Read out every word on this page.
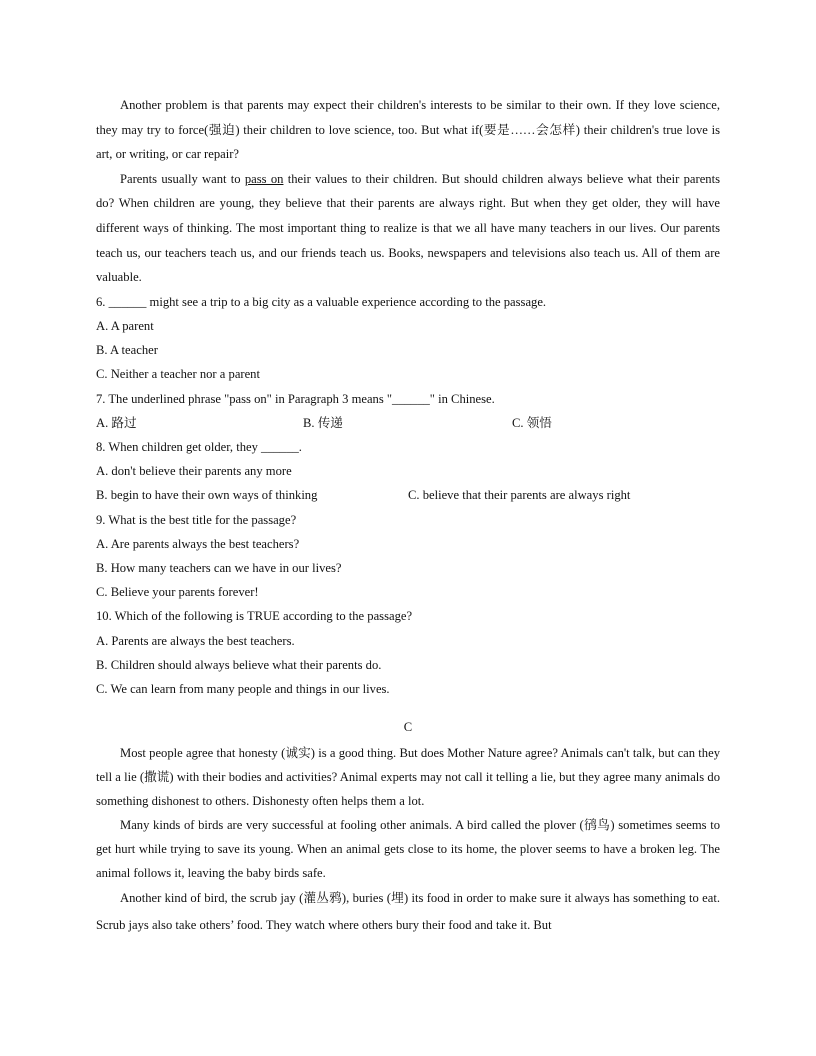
Another problem is that parents may expect their children's interests to be similar to their own. If they love science, they may try to force(强迫) their children to love science, too. But what if(要是……会怎样) their children's true love is art, or writing, or car repair?

Parents usually want to pass on their values to their children. But should children always believe what their parents do? When children are young, they believe that their parents are always right. But when they get older, they will have different ways of thinking. The most important thing to realize is that we all have many teachers in our lives. Our parents teach us, our teachers teach us, and our friends teach us. Books, newspapers and televisions also teach us. All of them are valuable.

6. ______ might see a trip to a big city as a valuable experience according to the passage.

A. A parent

B. A teacher

C. Neither a teacher nor a parent

7. The underlined phrase "pass on" in Paragraph 3 means "______" in Chinese.

A. 路过	B. 传递	C. 领悟

8. When children get older, they ______.

A. don't believe their parents any more

B. begin to have their own ways of thinking	C. believe that their parents are always right

9. What is the best title for the passage?

A. Are parents always the best teachers?

B. How many teachers can we have in our lives?

C. Believe your parents forever!

10. Which of the following is TRUE according to the passage?

A. Parents are always the best teachers.

B. Children should always believe what their parents do.

C. We can learn from many people and things in our lives.

C

Most people agree that honesty (诚实) is a good thing. But does Mother Nature agree? Animals can't talk, but can they tell a lie (撒谎) with their bodies and activities? Animal experts may not call it telling a lie, but they agree many animals do something dishonest to others. Dishonesty often helps them a lot.

Many kinds of birds are very successful at fooling other animals. A bird called the plover (鸻鸟) sometimes seems to get hurt while trying to save its young. When an animal gets close to its home, the plover seems to have a broken leg. The animal follows it, leaving the baby birds safe.

Another kind of bird, the scrub jay (灌丛鸦), buries (埋) its food in order to make sure it always has something to eat. Scrub jays also take others’ food. They watch where others bury their food and take it. But
